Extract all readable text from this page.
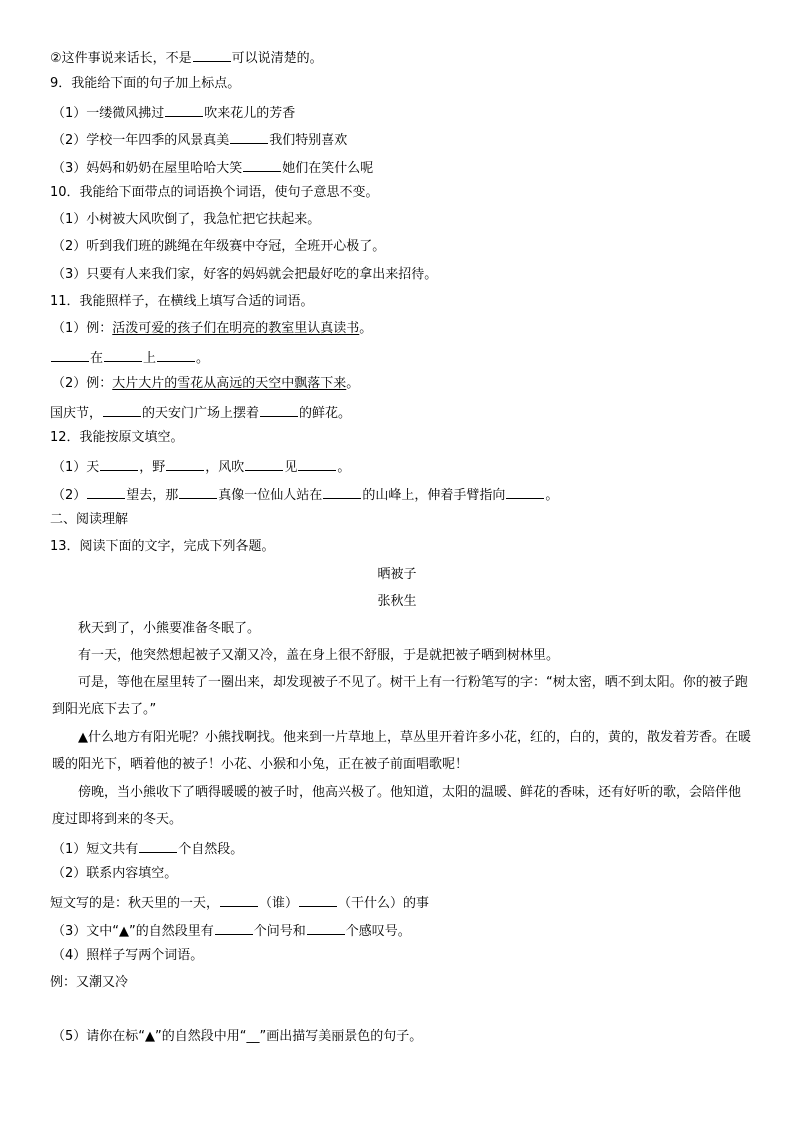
②这件事说来话长，不是	可以说清楚的。
9．我能给下面的句子加上标点。
（1）一缕微风拂过	吹来花儿的芳香
（2）学校一年四季的风景真美	我们特别喜欢
（3）妈妈和奶奶在屋里哈哈大笑	她们在笑什么呢
10．我能给下面带点的词语换个词语，使句子意思不变。
（1）小树被大风吹倒了，我急忙把它扶起来。
（2）听到我们班的跳绳在年级赛中夺冠，全班开心极了。
（3）只要有人来我们家，好客的妈妈就会把最好吃的拿出来招待。
11．我能照样子，在横线上填写合适的词语。
（1）例：活泼可爱的孩子们在明亮的教室里认真读书。
在	上	。
（2）例：大片大片的雪花从高远的天空中飘落下来。
国庆节，	的天安门广场上摆着	的鲜花。
12．我能按原文填空。
（1）天	，野	，风吹	见	。
（2）	望去，那	真像一位仙人站在	的山峰上，伸着手臂指向	。
二、阅读理解
13．阅读下面的文字，完成下列各题。
晒被子
张秋生
秋天到了，小熊要准备冬眠了。
有一天，他突然想起被子又潮又冷，盖在身上很不舒服，于是就把被子晒到树林里。
可是，等他在屋里转了一圈出来，却发现被子不见了。树干上有一行粉笔写的字：“树太密，晒不到太阳。你的被子跑到阳光底下去了。”
▲什么地方有阳光呢？小熊找啊找。他来到一片草地上，草丛里开着许多小花，红的，白的，黄的，散发着芳香。在暖暖的阳光下，晒着他的被子！小花、小猴和小兔，正在被子前面唱歌呢！
傍晚，当小熊收下了晒得暖暖的被子时，他高兴极了。他知道，太阳的温暖、鲜花的香味，还有好听的歌，会陪伴他度过即将到来的冬天。
（1）短文共有	个自然段。
（2）联系内容填空。
短文写的是：秋天里的一天，	（谁）	（干什么）的事
（3）文中“▲”的自然段里有	个问号和	个感叹号。
（4）照样子写两个词语。
例：又潮又冷
（5）请你在标“▲”的自然段中用“__”画出描写美丽景色的句子。
